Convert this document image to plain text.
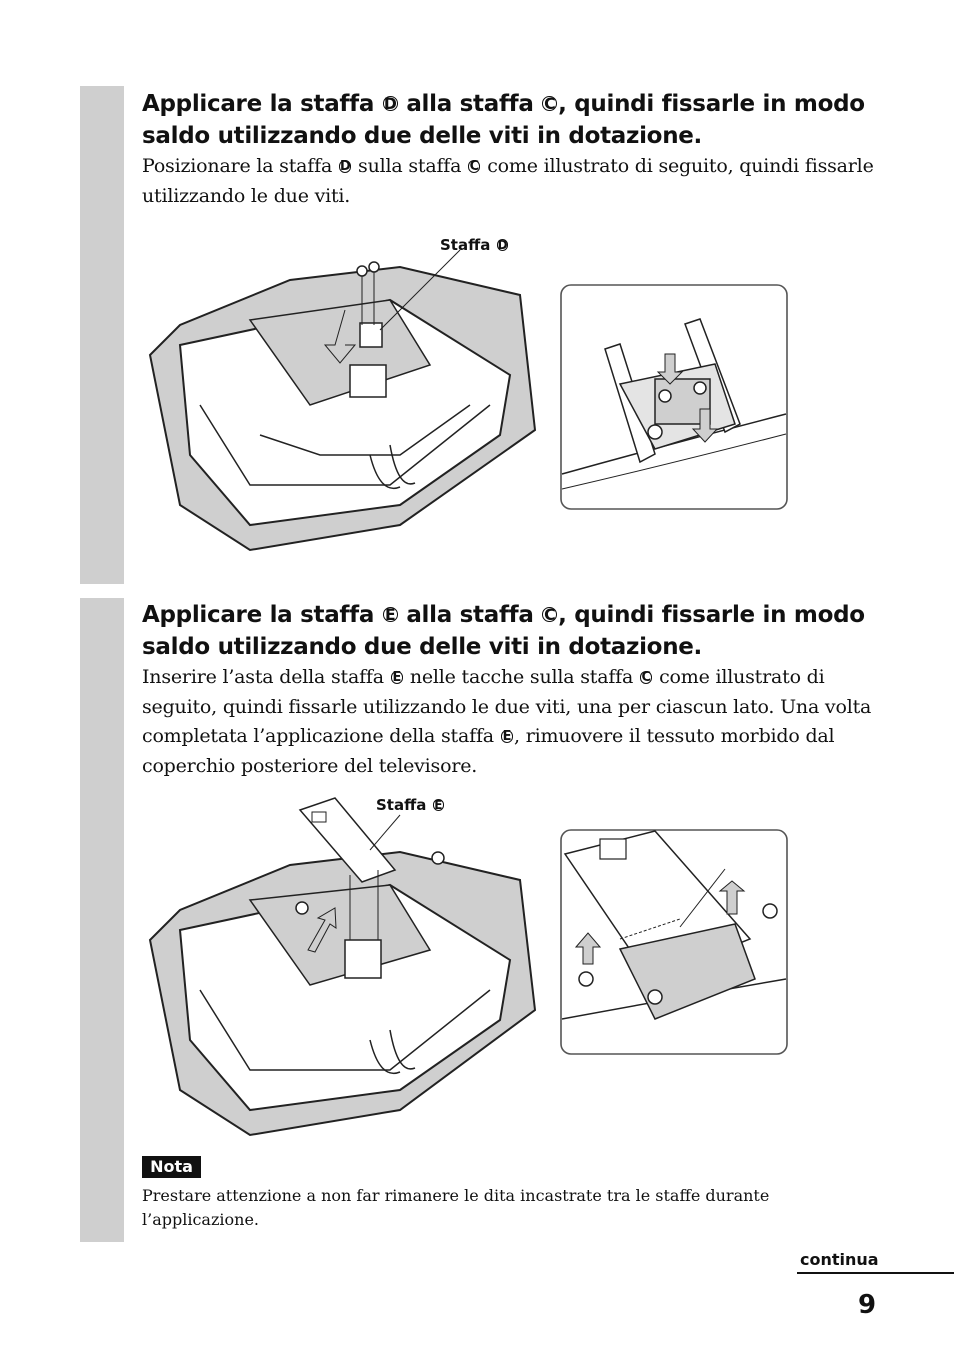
Applicare la staffa D alla staffa C , quindi fissarle in modo saldo utilizzando due delle viti in dotazione.

Posizionare la staffa D sulla staffa C come illustrato di seguito, quindi fissarle utilizzando le due viti.

Staffa D

Applicare la staffa E alla staffa C , quindi fissarle in modo saldo utilizzando due delle viti in dotazione.

Inserire l’asta della staffa E nelle tacche sulla staffa C come illustrato di seguito, quindi fissarle utilizzando le due viti, una per ciascun lato. Una volta completata l’applicazione della staffa E , rimuovere il tessuto morbido dal coperchio posteriore del televisore.

Staffa E
Nota

Prestare attenzione a non far rimanere le dita incastrate tra le staffe durante l’applicazione.

continua
9
